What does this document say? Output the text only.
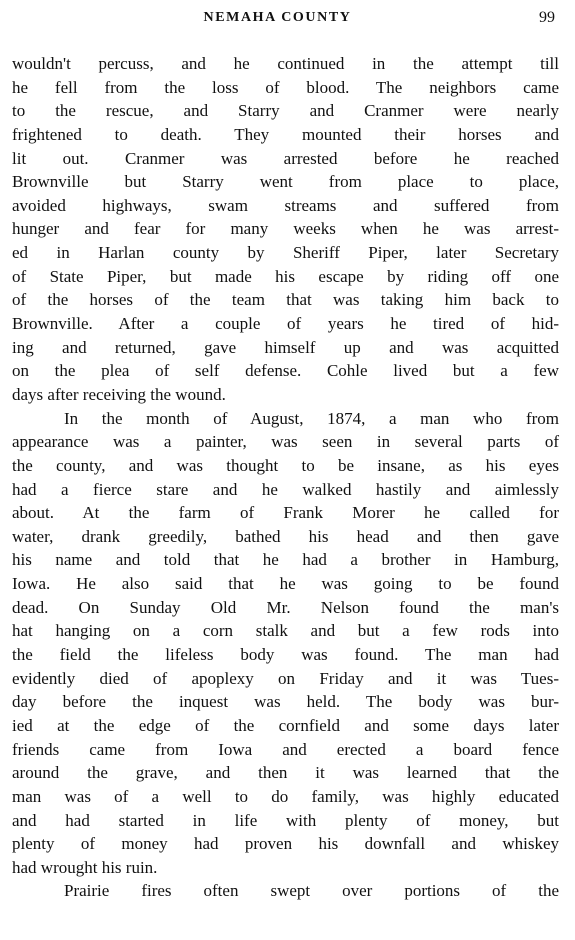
NEMAHA COUNTY	99
wouldn't percuss, and he continued in the attempt till
he fell from the loss of blood. The neighbors came
to the rescue, and Starry and Cranmer were nearly
frightened to death. They mounted their horses and
lit out. Cranmer was arrested before he reached
Brownville but Starry went from place to place,
avoided highways, swam streams and suffered from
hunger and fear for many weeks when he was arrest-
ed in Harlan county by Sheriff Piper, later Secretary
of State Piper, but made his escape by riding off one
of the horses of the team that was taking him back to
Brownville. After a couple of years he tired of hid-
ing and returned, gave himself up and was acquitted
on the plea of self defense. Cohle lived but a few
days after receiving the wound.
In the month of August, 1874, a man who from
appearance was a painter, was seen in several parts of
the county, and was thought to be insane, as his eyes
had a fierce stare and he walked hastily and aimlessly
about. At the farm of Frank Morer he called for
water, drank greedily, bathed his head and then gave
his name and told that he had a brother in Hamburg,
Iowa. He also said that he was going to be found
dead. On Sunday Old Mr. Nelson found the man's
hat hanging on a corn stalk and but a few rods into
the field the lifeless body was found. The man had
evidently died of apoplexy on Friday and it was Tues-
day before the inquest was held. The body was bur-
ied at the edge of the cornfield and some days later
friends came from Iowa and erected a board fence
around the grave, and then it was learned that the
man was of a well to do family, was highly educated
and had started in life with plenty of money, but
plenty of money had proven his downfall and whiskey
had wrought his ruin.
Prairie fires often swept over portions of the
